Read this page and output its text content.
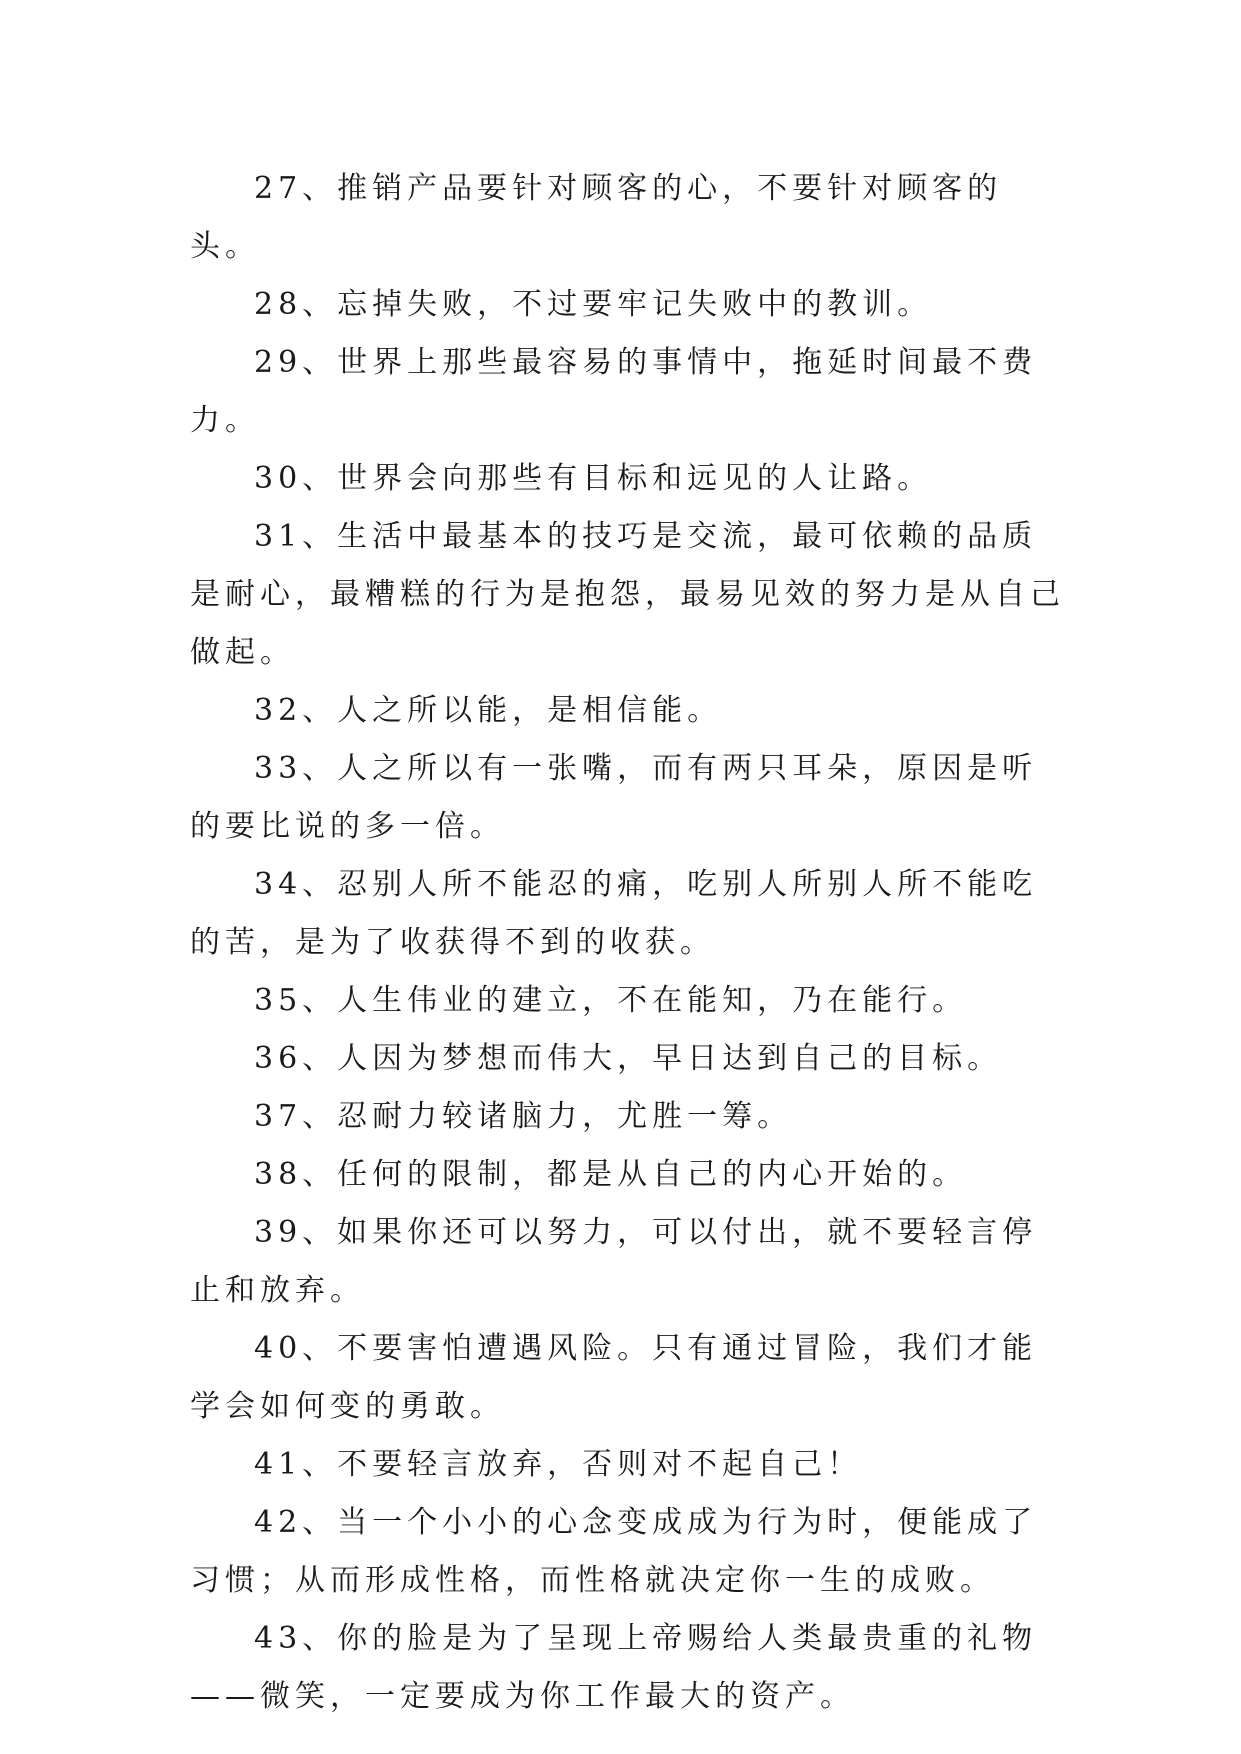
27、推销产品要针对顾客的心，不要针对顾客的头。

28、忘掉失败，不过要牢记失败中的教训。

29、世界上那些最容易的事情中，拖延时间最不费力。

30、世界会向那些有目标和远见的人让路。

31、生活中最基本的技巧是交流，最可依赖的品质是耐心，最糟糕的行为是抱怨，最易见效的努力是从自己做起。

32、人之所以能，是相信能。

33、人之所以有一张嘴，而有两只耳朵，原因是听的要比说的多一倍。

34、忍别人所不能忍的痛，吃别人所别人所不能吃的苦，是为了收获得不到的收获。

35、人生伟业的建立，不在能知，乃在能行。

36、人因为梦想而伟大，早日达到自己的目标。

37、忍耐力较诸脑力，尤胜一筹。

38、任何的限制，都是从自己的内心开始的。

39、如果你还可以努力，可以付出，就不要轻言停止和放弃。

40、不要害怕遭遇风险。只有通过冒险，我们才能学会如何变的勇敢。

41、不要轻言放弃，否则对不起自己！

42、当一个小小的心念变成成为行为时，便能成了习惯；从而形成性格，而性格就决定你一生的成败。

43、你的脸是为了呈现上帝赐给人类最贵重的礼物——微笑，一定要成为你工作最大的资产。
